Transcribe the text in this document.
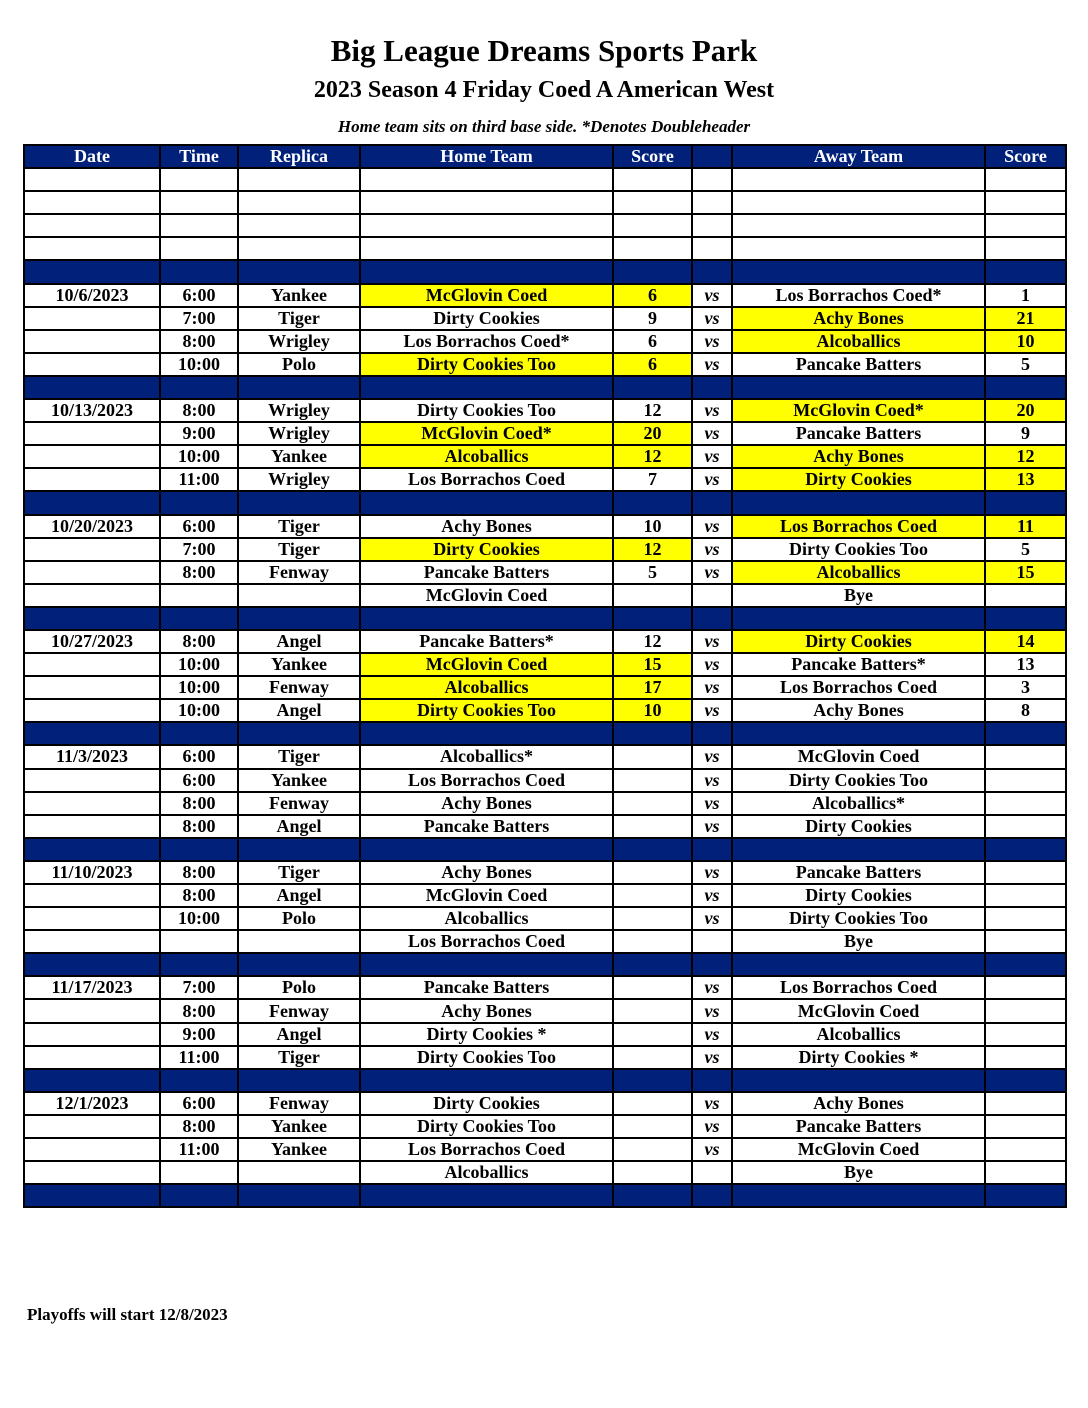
Big League Dreams Sports Park
2023 Season 4 Friday Coed A American West

Home team sits on third base side. *Denotes Doubleheader

Date	Time	Replica	Home Team	Score		Away Team	Score

10/6/2023	6:00	Yankee	McGlovin Coed	6	vs	Los Borrachos Coed*	1
	7:00	Tiger	Dirty Cookies	9	vs	Achy Bones	21
	8:00	Wrigley	Los Borrachos Coed*	6	vs	Alcoballics	10
	10:00	Polo	Dirty Cookies Too	6	vs	Pancake Batters	5

10/13/2023	8:00	Wrigley	Dirty Cookies Too	12	vs	McGlovin Coed*	20
	9:00	Wrigley	McGlovin Coed*	20	vs	Pancake Batters	9
	10:00	Yankee	Alcoballics	12	vs	Achy Bones	12
	11:00	Wrigley	Los Borrachos Coed	7	vs	Dirty Cookies	13

10/20/2023	6:00	Tiger	Achy Bones	10	vs	Los Borrachos Coed	11
	7:00	Tiger	Dirty Cookies	12	vs	Dirty Cookies Too	5
	8:00	Fenway	Pancake Batters	5	vs	Alcoballics	15
			McGlovin Coed			Bye	

10/27/2023	8:00	Angel	Pancake Batters*	12	vs	Dirty Cookies	14
	10:00	Yankee	McGlovin Coed	15	vs	Pancake Batters*	13
	10:00	Fenway	Alcoballics	17	vs	Los Borrachos Coed	3
	10:00	Angel	Dirty Cookies Too	10	vs	Achy Bones	8

11/3/2023	6:00	Tiger	Alcoballics*		vs	McGlovin Coed	
	6:00	Yankee	Los Borrachos Coed		vs	Dirty Cookies Too	
	8:00	Fenway	Achy Bones		vs	Alcoballics*	
	8:00	Angel	Pancake Batters		vs	Dirty Cookies	

11/10/2023	8:00	Tiger	Achy Bones		vs	Pancake Batters	
	8:00	Angel	McGlovin Coed		vs	Dirty Cookies	
	10:00	Polo	Alcoballics		vs	Dirty Cookies Too	
			Los Borrachos Coed			Bye	

11/17/2023	7:00	Polo	Pancake Batters		vs	Los Borrachos Coed	
	8:00	Fenway	Achy Bones		vs	McGlovin Coed	
	9:00	Angel	Dirty Cookies *		vs	Alcoballics	
	11:00	Tiger	Dirty Cookies Too		vs	Dirty Cookies *	

12/1/2023	6:00	Fenway	Dirty Cookies		vs	Achy Bones	
	8:00	Yankee	Dirty Cookies Too		vs	Pancake Batters	
	11:00	Yankee	Los Borrachos Coed		vs	McGlovin Coed	
			Alcoballics			Bye	

Playoffs will start 12/8/2023
